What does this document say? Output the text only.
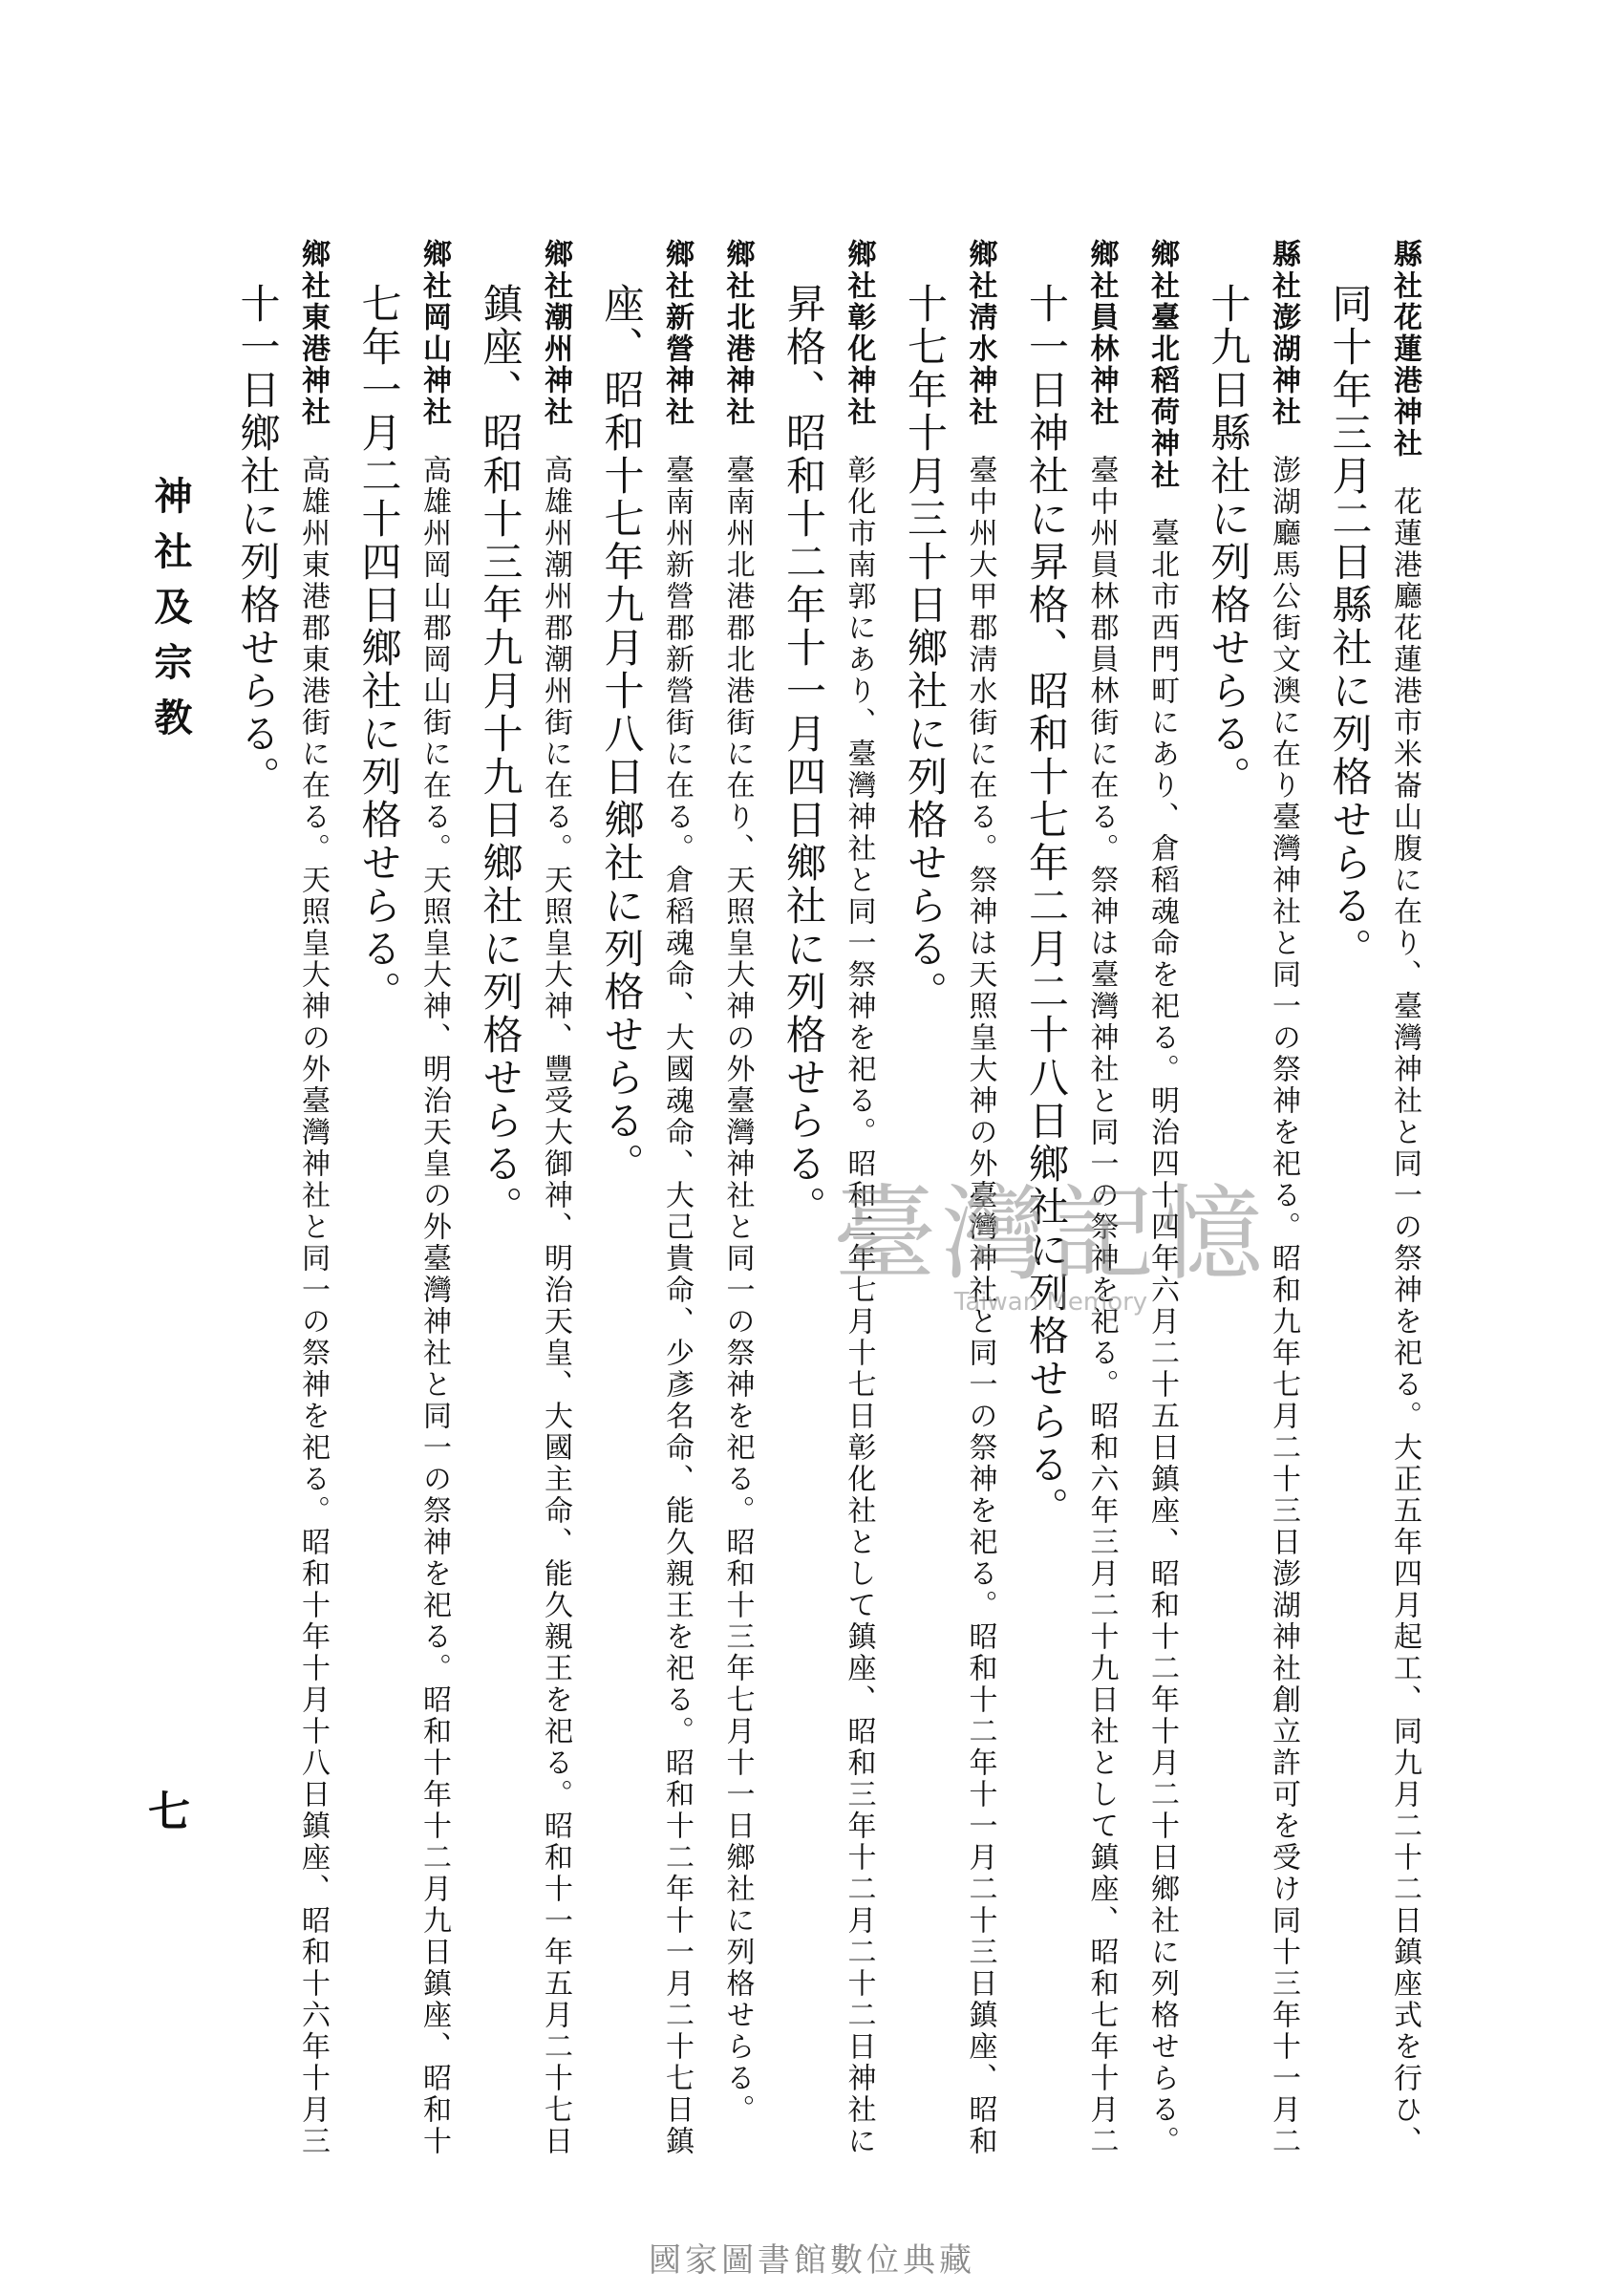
縣社花蓮港神社花蓮港廳花蓮港市米崙山腹に在り、臺灣神社と同一の祭神を祀る。大正五年四月起工、同九月二十二日鎮座式を行ひ、
同十年三月二日縣社に列格せらる。
縣社澎湖神社澎湖廳馬公街文澳に在り臺灣神社と同一の祭神を祀る。昭和九年七月二十三日澎湖神社創立許可を受け同十三年十一月二
十九日縣社に列格せらる。
鄉社臺北稻荷神社臺北市西門町にあり、倉稻魂命を祀る。明治四十四年六月二十五日鎮座、昭和十二年十月二十日鄉社に列格せらる。
鄉社員林神社臺中州員林郡員林街に在る。祭神は臺灣神社と同一の祭神を祀る。昭和六年三月二十九日社として鎮座、昭和七年十月二
十一日神社に昇格、昭和十七年二月二十八日鄉社に列格せらる。
鄉社淸水神社臺中州大甲郡淸水街に在る。祭神は天照皇大神の外臺灣神社と同一の祭神を祀る。昭和十二年十一月二十三日鎮座、昭和
十七年十月三十日鄉社に列格せらる。
鄉社彰化神社彰化市南郭にあり、臺灣神社と同一祭神を祀る。昭和二年七月十七日彰化社として鎮座、昭和三年十二月二十二日神社に
昇格、昭和十二年十一月四日鄉社に列格せらる。
鄉社北港神社臺南州北港郡北港街に在り、天照皇大神の外臺灣神社と同一の祭神を祀る。昭和十三年七月十一日鄉社に列格せらる。
鄉社新營神社臺南州新營郡新營街に在る。倉稻魂命、大國魂命、大己貴命、少彥名命、能久親王を祀る。昭和十二年十一月二十七日鎮
座、昭和十七年九月十八日鄉社に列格せらる。
鄉社潮州神社高雄州潮州郡潮州街に在る。天照皇大神、豐受大御神、明治天皇、大國主命、能久親王を祀る。昭和十一年五月二十七日
鎮座、昭和十三年九月十九日鄉社に列格せらる。
鄉社岡山神社高雄州岡山郡岡山街に在る。天照皇大神、明治天皇の外臺灣神社と同一の祭神を祀る。昭和十年十二月九日鎮座、昭和十
七年一月二十四日鄉社に列格せらる。
鄉社東港神社高雄州東港郡東港街に在る。天照皇大神の外臺灣神社と同一の祭神を祀る。昭和十年十月十八日鎮座、昭和十六年十月三
十一日鄉社に列格せらる。
神社及宗教
七
臺灣記憶
Taiwan Memory
國家圖書館數位典藏
